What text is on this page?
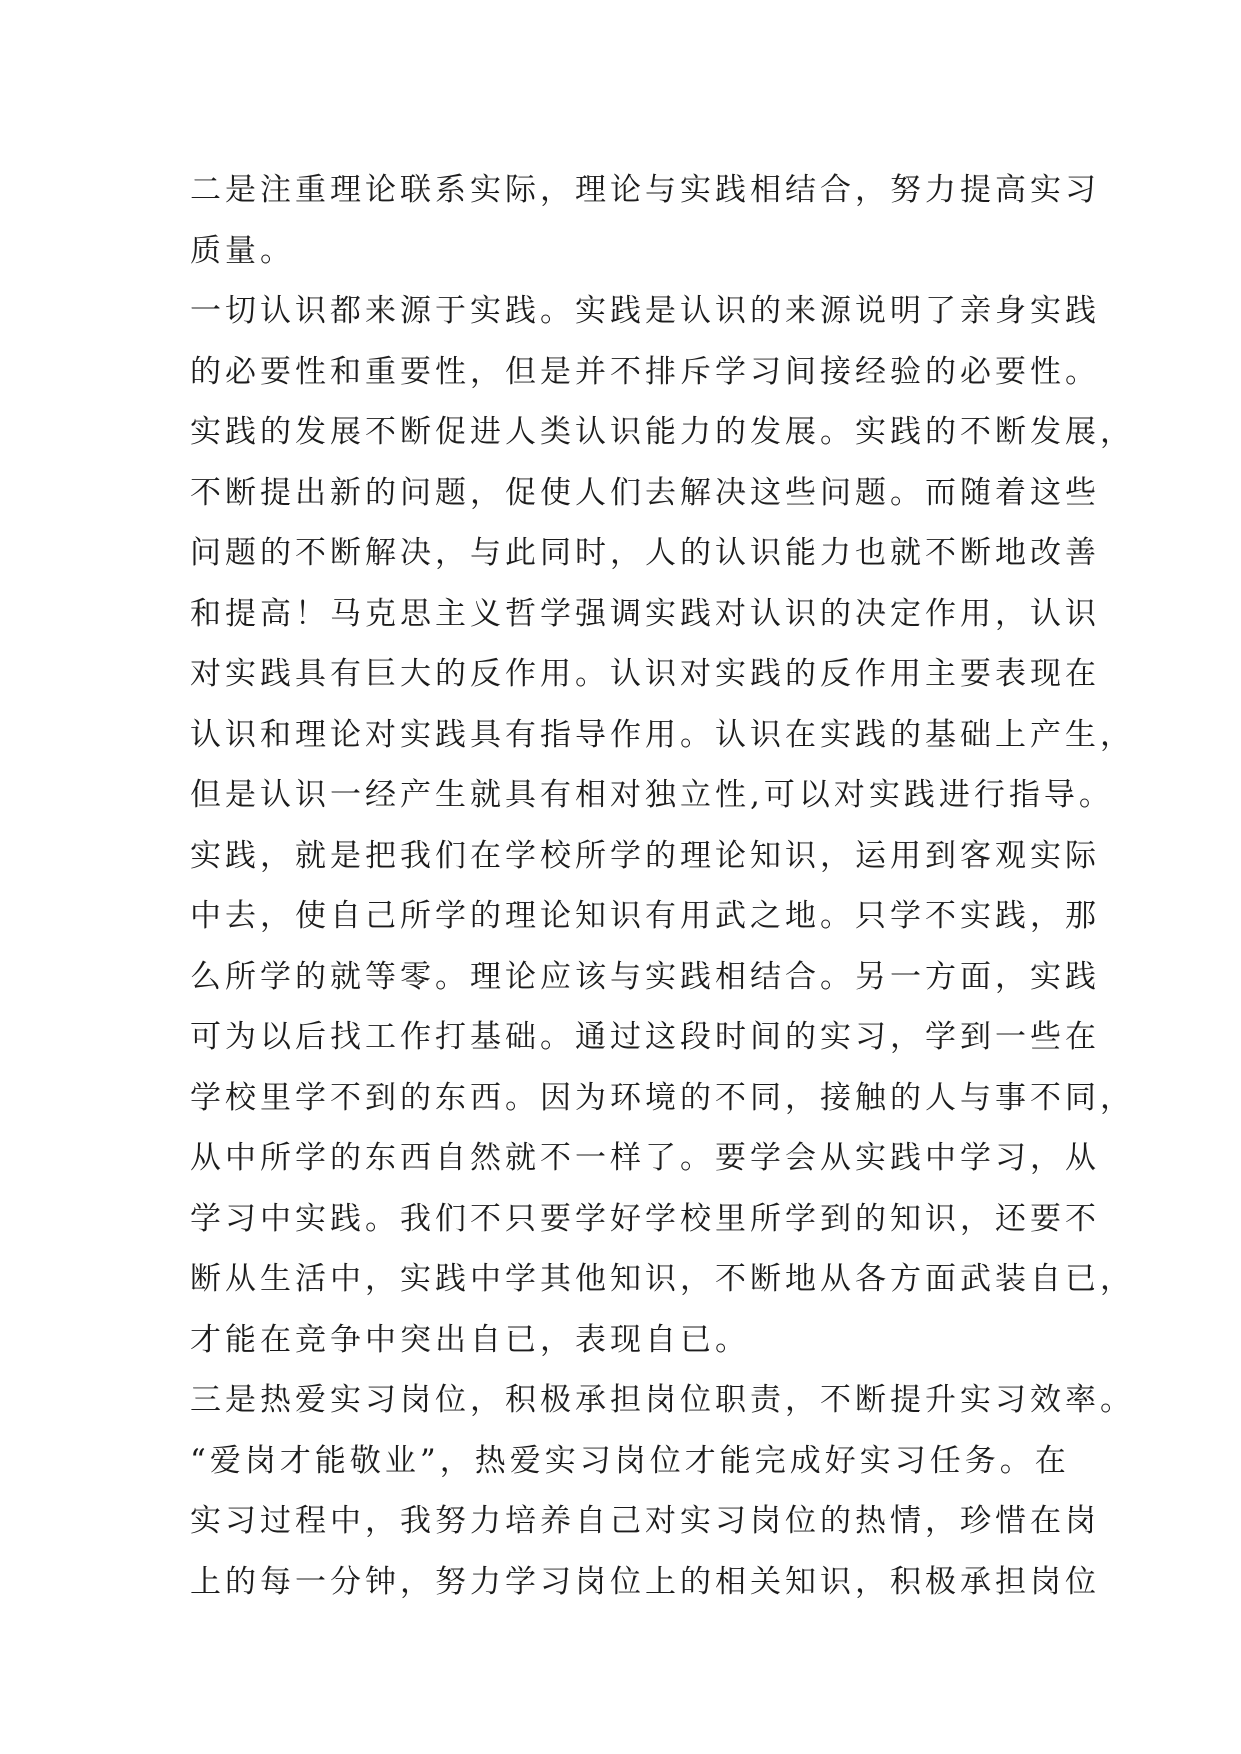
二是注重理论联系实际，理论与实践相结合，努力提高实习
质量。
一切认识都来源于实践。实践是认识的来源说明了亲身实践
的必要性和重要性，但是并不排斥学习间接经验的必要性。
实践的发展不断促进人类认识能力的发展。实践的不断发展，
不断提出新的问题，促使人们去解决这些问题。而随着这些
问题的不断解决，与此同时，人的认识能力也就不断地改善
和提高！马克思主义哲学强调实践对认识的决定作用，认识
对实践具有巨大的反作用。认识对实践的反作用主要表现在
认识和理论对实践具有指导作用。认识在实践的基础上产生，
但是认识一经产生就具有相对独立性,可以对实践进行指导。
实践，就是把我们在学校所学的理论知识，运用到客观实际
中去，使自己所学的理论知识有用武之地。只学不实践，那
么所学的就等零。理论应该与实践相结合。另一方面，实践
可为以后找工作打基础。通过这段时间的实习，学到一些在
学校里学不到的东西。因为环境的不同，接触的人与事不同，
从中所学的东西自然就不一样了。要学会从实践中学习，从
学习中实践。我们不只要学好学校里所学到的知识，还要不
断从生活中，实践中学其他知识，不断地从各方面武装自已，
才能在竞争中突出自已，表现自已。
三是热爱实习岗位，积极承担岗位职责，不断提升实习效率。
“爱岗才能敬业”，热爱实习岗位才能完成好实习任务。在
实习过程中，我努力培养自己对实习岗位的热情，珍惜在岗
上的每一分钟，努力学习岗位上的相关知识，积极承担岗位
